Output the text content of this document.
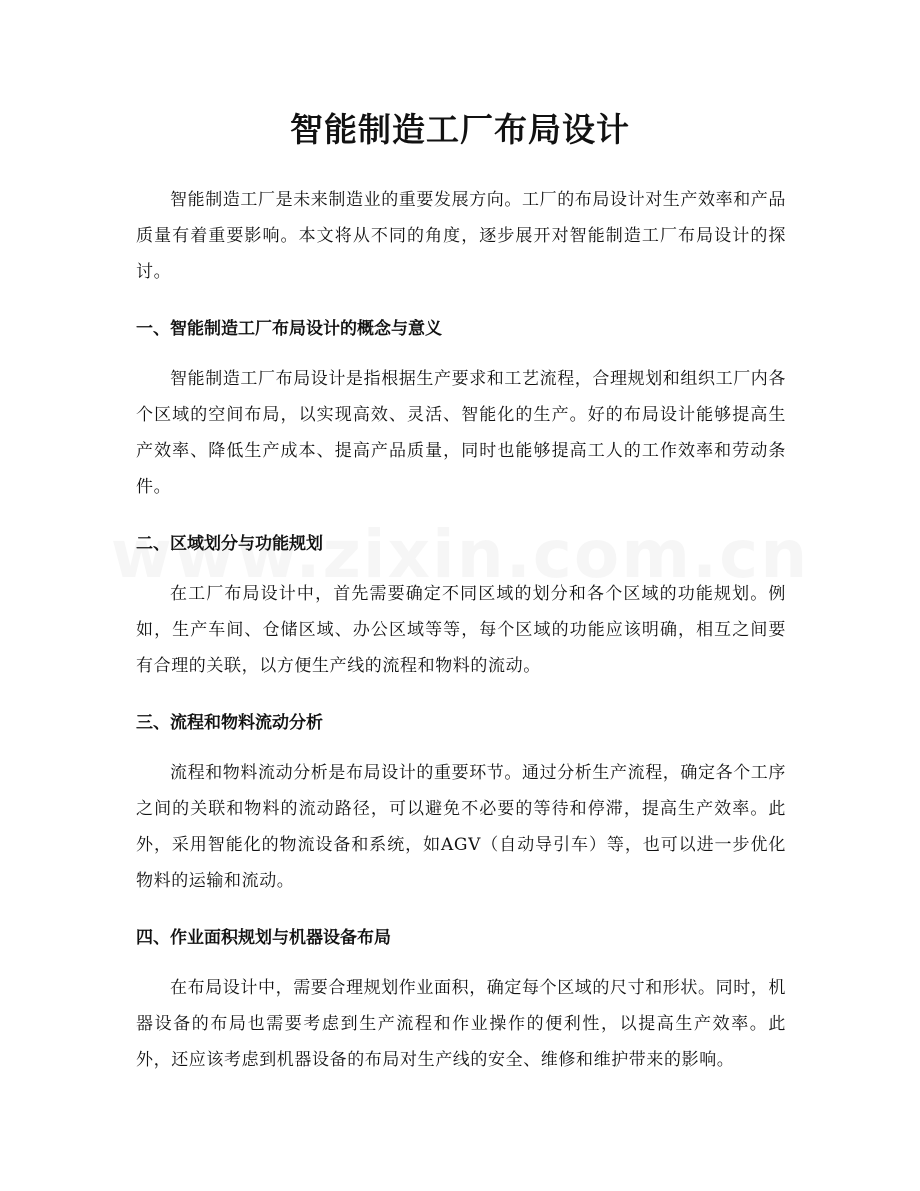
智能制造工厂布局设计

智能制造工厂是未来制造业的重要发展方向。工厂的布局设计对生产效率和产品质量有着重要影响。本文将从不同的角度，逐步展开对智能制造工厂布局设计的探讨。

一、智能制造工厂布局设计的概念与意义

智能制造工厂布局设计是指根据生产要求和工艺流程，合理规划和组织工厂内各个区域的空间布局，以实现高效、灵活、智能化的生产。好的布局设计能够提高生产效率、降低生产成本、提高产品质量，同时也能够提高工人的工作效率和劳动条件。

二、区域划分与功能规划

在工厂布局设计中，首先需要确定不同区域的划分和各个区域的功能规划。例如，生产车间、仓储区域、办公区域等等，每个区域的功能应该明确，相互之间要有合理的关联，以方便生产线的流程和物料的流动。

三、流程和物料流动分析

流程和物料流动分析是布局设计的重要环节。通过分析生产流程，确定各个工序之间的关联和物料的流动路径，可以避免不必要的等待和停滞，提高生产效率。此外，采用智能化的物流设备和系统，如AGV（自动导引车）等，也可以进一步优化物料的运输和流动。

四、作业面积规划与机器设备布局

在布局设计中，需要合理规划作业面积，确定每个区域的尺寸和形状。同时，机器设备的布局也需要考虑到生产流程和作业操作的便利性，以提高生产效率。此外，还应该考虑到机器设备的布局对生产线的安全、维修和维护带来的影响。
